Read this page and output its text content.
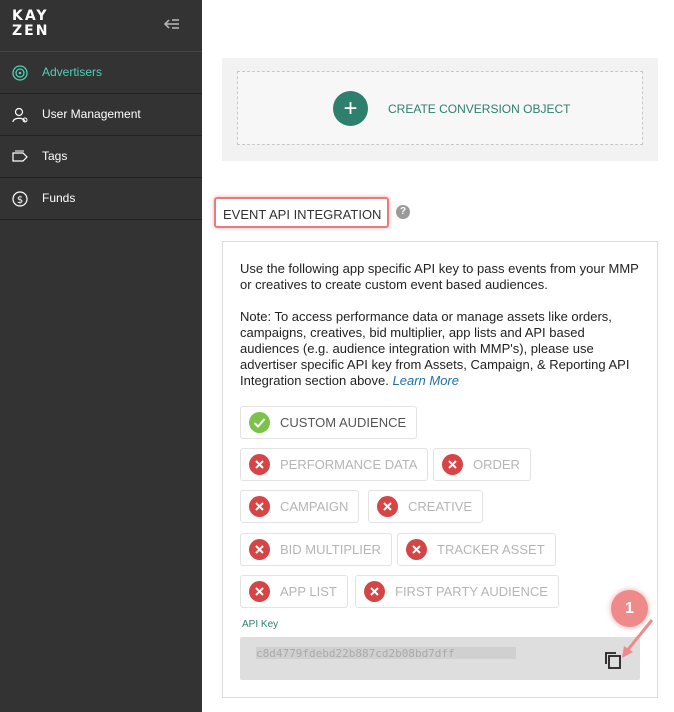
KAY
ZEN
Advertisers
User Management
Tags
$ Funds
+	CREATE CONVERSION OBJECT
EVENT API INTEGRATION	?

Use the following app specific API key to pass events from your MMP or creatives to create custom event based audiences.

Note: To access performance data or manage assets like orders, campaigns, creatives, bid multiplier, app lists and API based audiences (e.g. audience integration with MMP's), please use advertiser specific API key from Assets, Campaign, & Reporting API Integration section above. Learn More

CUSTOM AUDIENCE
PERFORMANCE DATA	ORDER
CAMPAIGN	CREATIVE
BID MULTIPLIER	TRACKER ASSET
APP LIST	FIRST PARTY AUDIENCE
API Key
c8d4779fdebd22b887cd2b08bd7dff
1
